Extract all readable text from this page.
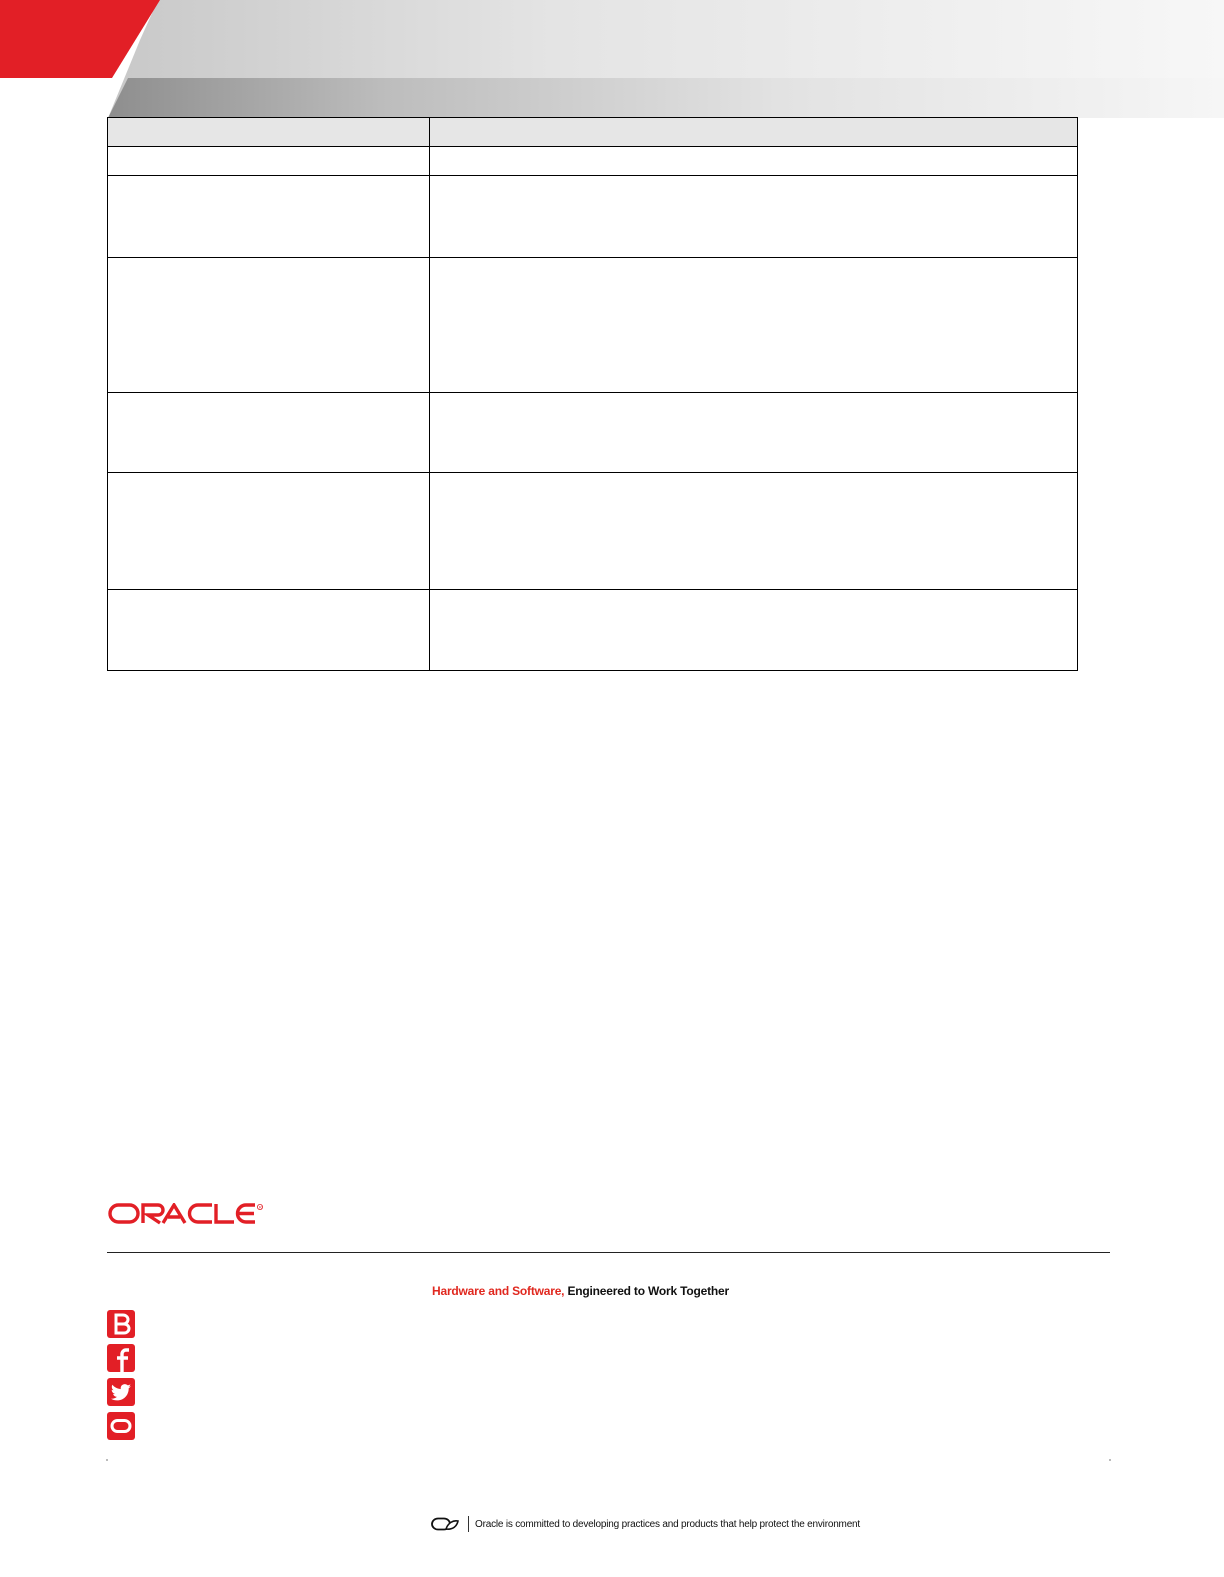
R
Hardware and Software, Engineered to Work Together
Oracle is committed to developing practices and products that help protect the environment
